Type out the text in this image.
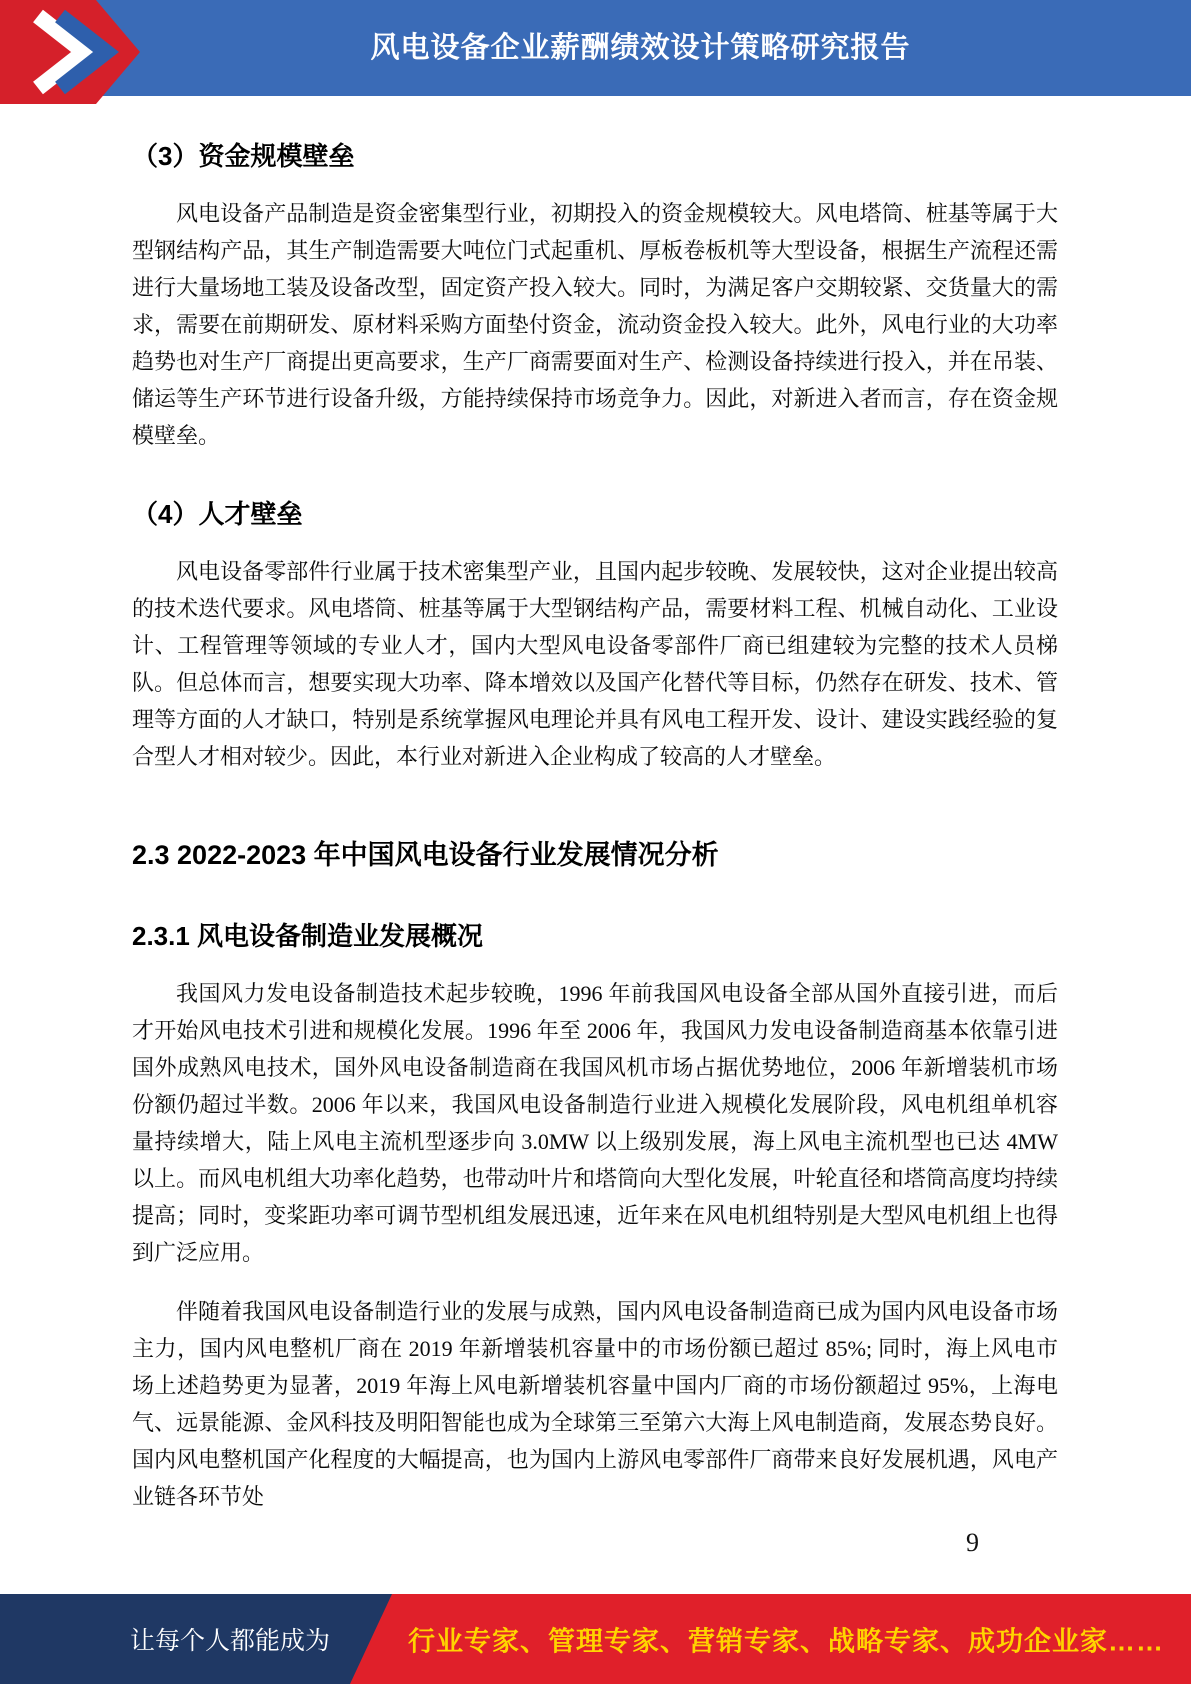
风电设备企业薪酬绩效设计策略研究报告
（3）资金规模壁垒

风电设备产品制造是资金密集型行业，初期投入的资金规模较大。风电塔筒、桩基等属于大型钢结构产品，其生产制造需要大吨位门式起重机、厚板卷板机等大型设备，根据生产流程还需进行大量场地工装及设备改型，固定资产投入较大。同时，为满足客户交期较紧、交货量大的需求，需要在前期研发、原材料采购方面垫付资金，流动资金投入较大。此外，风电行业的大功率趋势也对生产厂商提出更高要求，生产厂商需要面对生产、检测设备持续进行投入，并在吊装、储运等生产环节进行设备升级，方能持续保持市场竞争力。因此，对新进入者而言，存在资金规模壁垒。

（4）人才壁垒

风电设备零部件行业属于技术密集型产业，且国内起步较晚、发展较快，这对企业提出较高的技术迭代要求。风电塔筒、桩基等属于大型钢结构产品，需要材料工程、机械自动化、工业设计、工程管理等领域的专业人才，国内大型风电设备零部件厂商已组建较为完整的技术人员梯队。但总体而言，想要实现大功率、降本增效以及国产化替代等目标，仍然存在研发、技术、管理等方面的人才缺口，特别是系统掌握风电理论并具有风电工程开发、设计、建设实践经验的复合型人才相对较少。因此，本行业对新进入企业构成了较高的人才壁垒。

2.3 2022-2023 年中国风电设备行业发展情况分析
2.3.1 风电设备制造业发展概况

我国风力发电设备制造技术起步较晚，1996 年前我国风电设备全部从国外直接引进，而后才开始风电技术引进和规模化发展。1996 年至 2006 年，我国风力发电设备制造商基本依靠引进国外成熟风电技术，国外风电设备制造商在我国风机市场占据优势地位，2006 年新增装机市场份额仍超过半数。2006 年以来，我国风电设备制造行业进入规模化发展阶段，风电机组单机容量持续增大，陆上风电主流机型逐步向 3.0MW 以上级别发展，海上风电主流机型也已达 4MW 以上。而风电机组大功率化趋势，也带动叶片和塔筒向大型化发展，叶轮直径和塔筒高度均持续提高；同时，变桨距功率可调节型机组发展迅速，近年来在风电机组特别是大型风电机组上也得到广泛应用。

伴随着我国风电设备制造行业的发展与成熟，国内风电设备制造商已成为国内风电设备市场主力，国内风电整机厂商在 2019 年新增装机容量中的市场份额已超过 85%; 同时，海上风电市场上述趋势更为显著，2019 年海上风电新增装机容量中国内厂商的市场份额超过 95%，上海电气、远景能源、金风科技及明阳智能也成为全球第三至第六大海上风电制造商，发展态势良好。国内风电整机国产化程度的大幅提高，也为国内上游风电零部件厂商带来良好发展机遇，风电产业链各环节处

9
让每个人都能成为	行业专家、管理专家、营销专家、战略专家、成功企业家……
